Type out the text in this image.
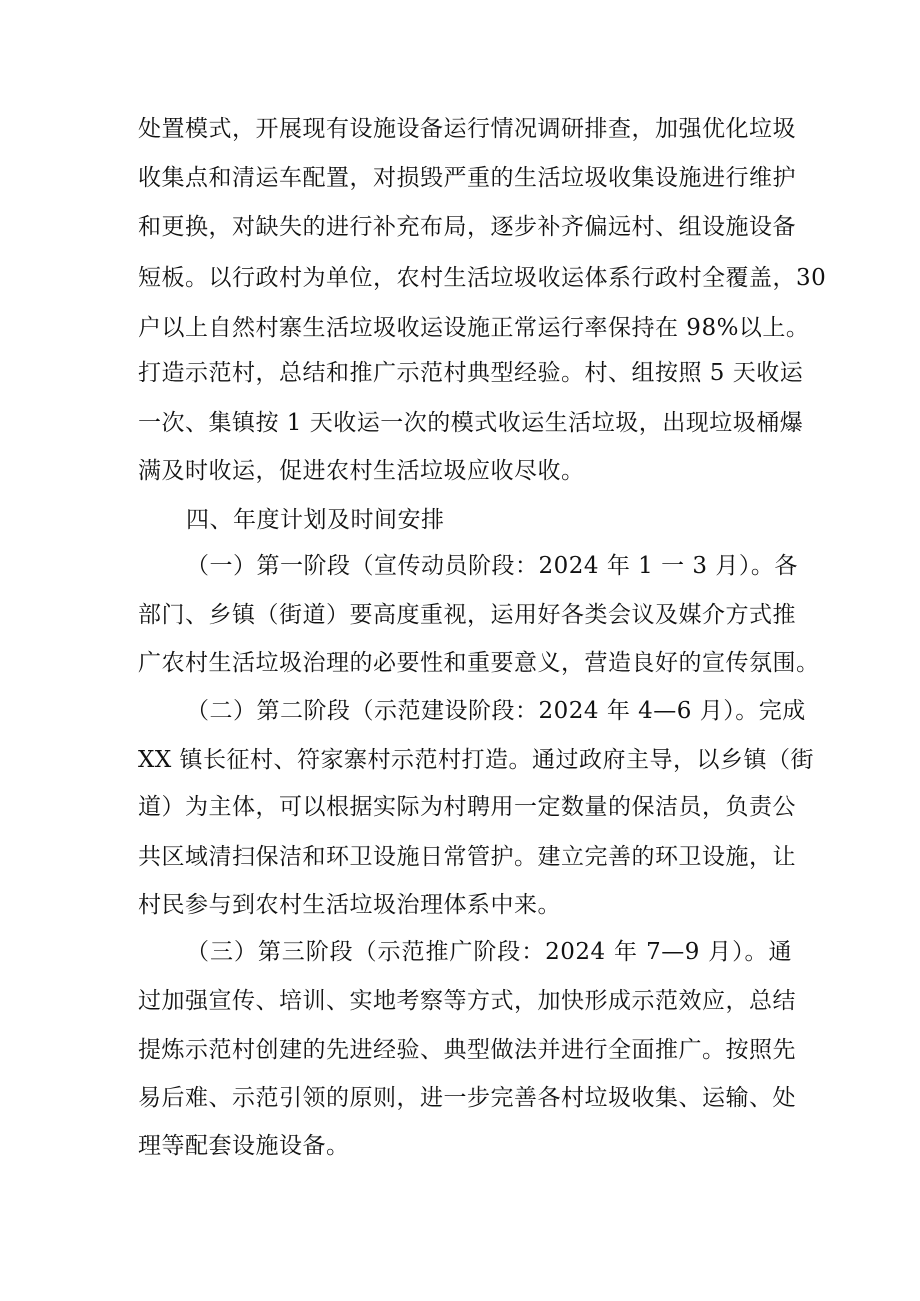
处置模式，开展现有设施设备运行情况调研排查，加强优化垃圾
收集点和清运车配置，对损毁严重的生活垃圾收集设施进行维护
和更换，对缺失的进行补充布局，逐步补齐偏远村、组设施设备
短板。以行政村为单位，农村生活垃圾收运体系行政村全覆盖，30
户以上自然村寨生活垃圾收运设施正常运行率保持在 98%以上。
打造示范村，总结和推广示范村典型经验。村、组按照 5 天收运
一次、集镇按 1 天收运一次的模式收运生活垃圾，出现垃圾桶爆
满及时收运，促进农村生活垃圾应收尽收。
四、年度计划及时间安排
（一）第一阶段（宣传动员阶段：2024 年 1 一 3 月）。各
部门、乡镇（街道）要高度重视，运用好各类会议及媒介方式推
广农村生活垃圾治理的必要性和重要意义，营造良好的宣传氛围。
（二）第二阶段（示范建设阶段：2024 年 4—6 月）。完成
XX 镇长征村、符家寨村示范村打造。通过政府主导，以乡镇（街
道）为主体，可以根据实际为村聘用一定数量的保洁员，负责公
共区域清扫保洁和环卫设施日常管护。建立完善的环卫设施，让
村民参与到农村生活垃圾治理体系中来。
（三）第三阶段（示范推广阶段：2024 年 7—9 月）。通
过加强宣传、培训、实地考察等方式，加快形成示范效应，总结
提炼示范村创建的先进经验、典型做法并进行全面推广。按照先
易后难、示范引领的原则，进一步完善各村垃圾收集、运输、处
理等配套设施设备。
